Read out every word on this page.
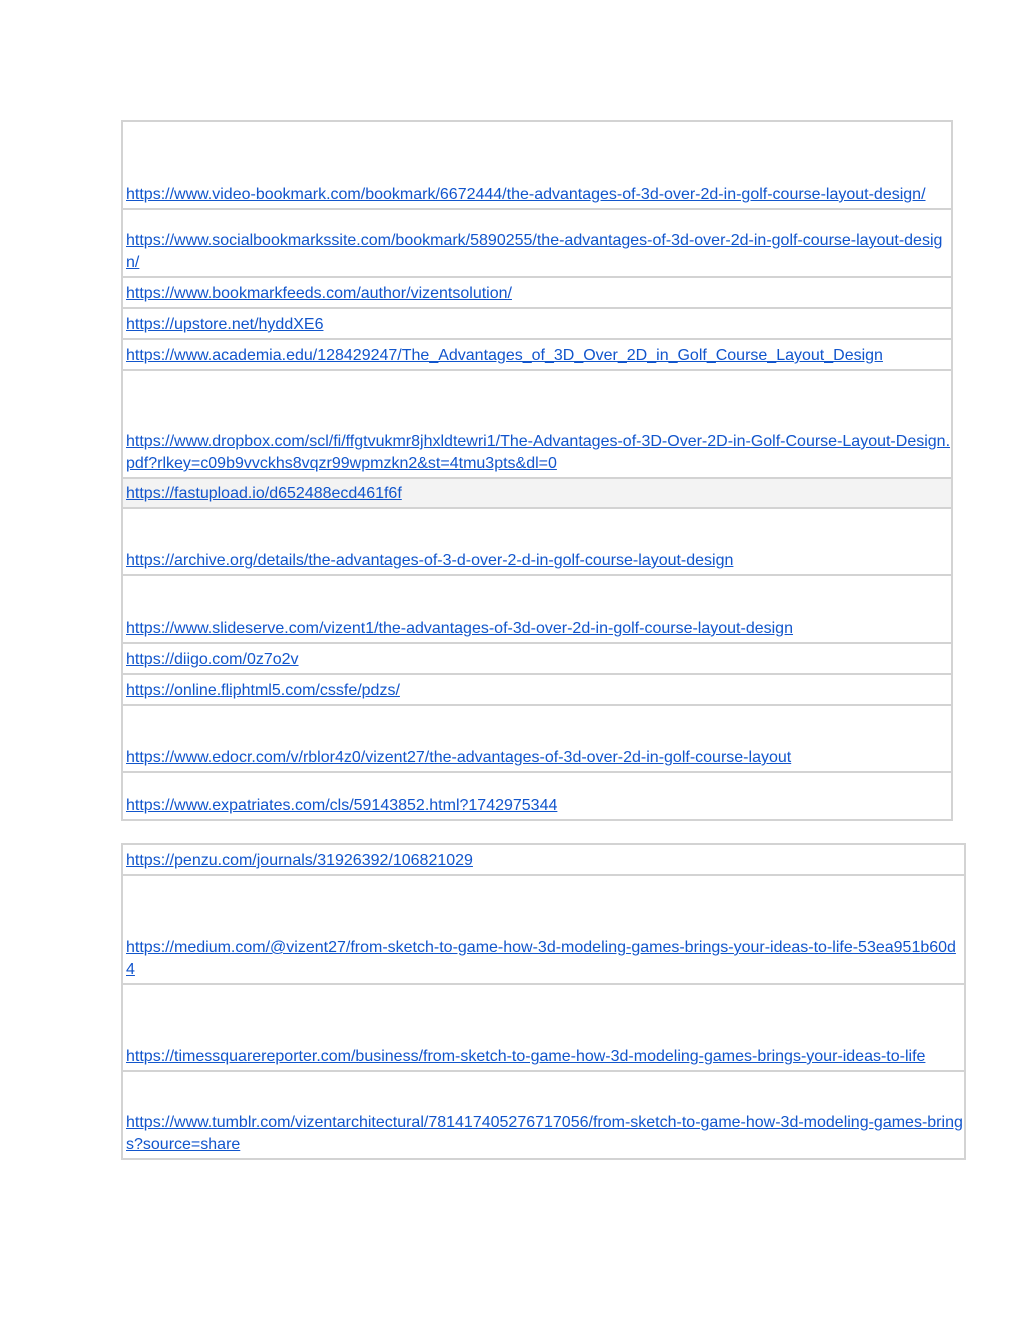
https://www.video-bookmark.com/bookmark/6672444/the-advantages-of-3d-over-2d-in-golf-course-layout-design/
https://www.socialbookmarkssite.com/bookmark/5890255/the-advantages-of-3d-over-2d-in-golf-course-layout-design/
https://www.bookmarkfeeds.com/author/vizentsolution/
https://upstore.net/hyddXE6
https://www.academia.edu/128429247/The_Advantages_of_3D_Over_2D_in_Golf_Course_Layout_Design
https://www.dropbox.com/scl/fi/ffgtvukmr8jhxldtewri1/The-Advantages-of-3D-Over-2D-in-Golf-Course-Layout-Design.pdf?rlkey=c09b9vvckhs8vqzr99wpmzkn2&st=4tmu3pts&dl=0
https://fastupload.io/d652488ecd461f6f
https://archive.org/details/the-advantages-of-3-d-over-2-d-in-golf-course-layout-design
https://www.slideserve.com/vizent1/the-advantages-of-3d-over-2d-in-golf-course-layout-design
https://diigo.com/0z7o2v
https://online.fliphtml5.com/cssfe/pdzs/
https://www.edocr.com/v/rblor4z0/vizent27/the-advantages-of-3d-over-2d-in-golf-course-layout
https://www.expatriates.com/cls/59143852.html?1742975344
https://penzu.com/journals/31926392/106821029
https://medium.com/@vizent27/from-sketch-to-game-how-3d-modeling-games-brings-your-ideas-to-life-53ea951b60d4
https://timessquarereporter.com/business/from-sketch-to-game-how-3d-modeling-games-brings-your-ideas-to-life
https://www.tumblr.com/vizentarchitectural/781417405276717056/from-sketch-to-game-how-3d-modeling-games-brings?source=share
